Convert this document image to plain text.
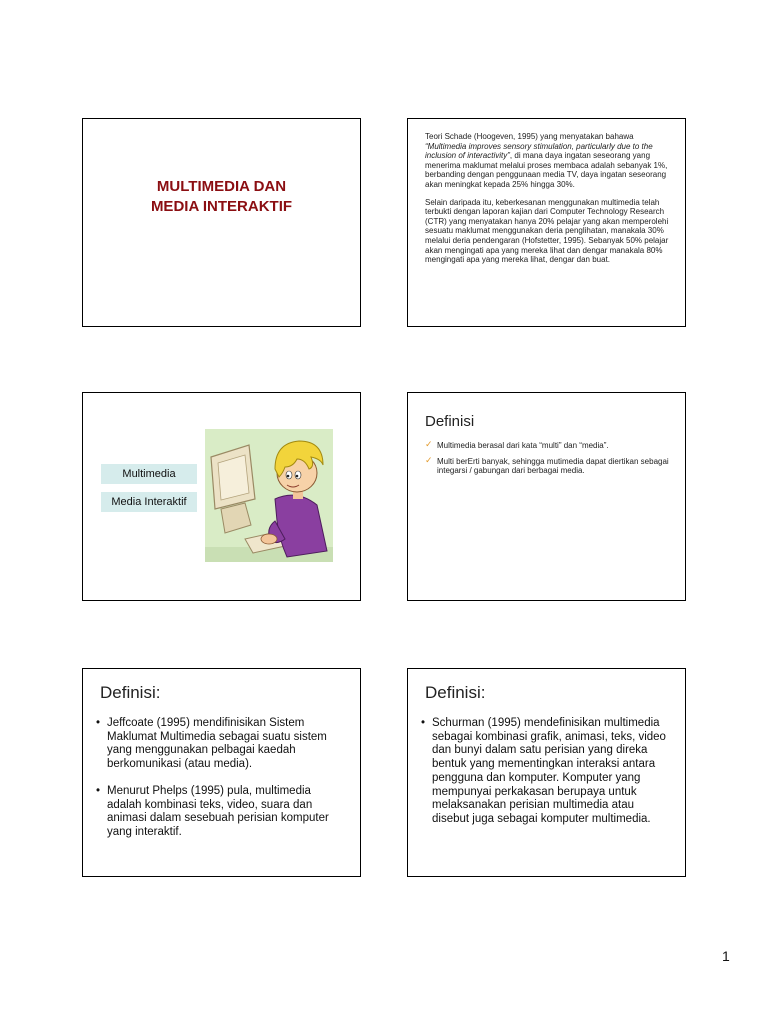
MULTIMEDIA DAN
MEDIA INTERAKTIF

Teori Schade (Hoogeven, 1995) yang menyatakan bahawa “Multimedia improves sensory stimulation, particularly due to the inclusion of interactivity”, di mana daya ingatan seseorang yang menerima maklumat melalui proses membaca adalah sebanyak 1%, berbanding dengan penggunaan media TV, daya ingatan seseorang akan meningkat kepada 25% hingga 30%.

Selain daripada itu, keberkesanan menggunakan multimedia telah terbukti dengan laporan kajian dari Computer Technology Research (CTR) yang menyatakan hanya 20% pelajar yang akan memperolehi sesuatu maklumat menggunakan deria penglihatan, manakala 30% melalui deria pendengaran (Hofstetter, 1995). Sebanyak 50% pelajar akan mengingati apa yang mereka lihat dan dengar manakala 80% mengingati apa yang mereka lihat, dengar dan buat.

Multimedia
Media Interaktif
Definisi
✓ Multimedia berasal dari kata “multi” dan “media”.
✓ Multi berErti banyak, sehingga mutimedia dapat diertikan sebagai integarsi / gabungan dari berbagai media.
Definisi:
• Jeffcoate (1995) mendifinisikan Sistem Maklumat Multimedia sebagai suatu sistem yang menggunakan pelbagai kaedah berkomunikasi (atau media).
• Menurut Phelps (1995) pula, multimedia adalah kombinasi teks, video, suara dan animasi dalam sesebuah perisian komputer yang interaktif.
Definisi:
• Schurman (1995) mendefinisikan multimedia sebagai kombinasi grafik, animasi, teks, video dan bunyi dalam satu perisian yang direka bentuk yang mementingkan interaksi antara pengguna dan komputer. Komputer yang mempunyai perkakasan berupaya untuk melaksanakan perisian multimedia atau disebut juga sebagai komputer multimedia.
1
